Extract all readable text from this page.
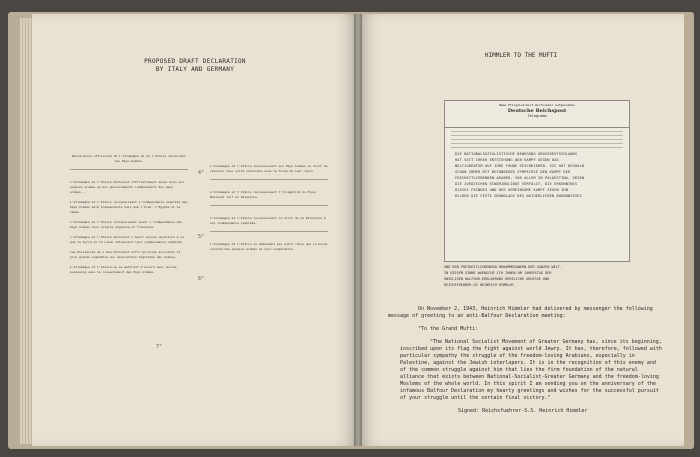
PROPOSED DRAFT DECLARATION
BY ITALY AND GERMANY

Déclaration officielle de l'Allemagne et de l'Italie concernant les Pays Arabes.

L'Allemagne et l'Italie déclarent officiellement aussi bien aux peuples arabes qu'aux gouvernements indépendants des pays arabes...

L'Allemagne et l'Italie reconnaissent l'indépendance complète des Pays Arabes déjà indépendants tels que l'Irak, l'Egypte et le Yémen.

L'Allemagne et l'Italie reconnaissent aussi l'indépendance des Pays Arabes sous tutelle anglaise et française.

L'Allemagne et l'Italie déclarent n'avoir aucune objection à ce que la Syrie et le Liban obtiennent leur indépendance complète.

Les Puissances de l'Axe déclarent enfin qu'elles accordent la plus grande sympathie aux aspirations légitimes des Arabes.

L'Allemagne et l'Italie ne se mettront d'accord avec aucune puissance sans le consentement des Pays Arabes.

4°
5°
6°
7°

L'Allemagne et l'Italie reconnaissent aux Pays Arabes le droit de réaliser leur unité nationale sous la forme de leur choix.

L'Allemagne et l'Italie reconnaissent l'illégalité du Foyer National Juif en Palestine.

L'Allemagne et l'Italie reconnaissent le droit de la Palestine à son indépendance complète.

L'Allemagne et l'Italie ne demandent pas autre chose que la bonne volonté des peuples arabes et leur coopération.

HIMMLER TO THE MUFTI
Name Pfingstvermerk Wortnummer aufgenommen
Deutsche Reichspost
Telegramm
DIE NATIONALSOZIALISTISCHE BEWEGUNG GROSSDEUTSCHLANDS
HAT SEIT IHRER ENTSTEHUNG DEN KAMPF GEGEN DAS
WELTJUDENTUM AUF IHRE FAHNE GESCHRIEBEN. SIE HAT DESHALB
SCHON IMMER MIT BESONDERER SYMPATHIE DEN KAMPF DER
FREIHEITLIEBENDEN ARABER, VOR ALLEM IN PALAESTINA, GEGEN
DIE JUEDISCHEN EINDRINGLINGE VERFOLGT. DIE ERKENNTNIS
DIESES FEINDES UND DER GEMEINSAME KAMPF GEGEN IHN
BILDEN DIE FESTE GRUNDLAGE DES NATUERLICHEN BUENDNISSES
UND DEN FREIHEITLIEBENDEN MOHAMMEDANERN DER GANZEN WELT.
IN DIESEM SINNE WUENSCHE ICH IHNEN AM JAHRESTAG DER
UNSELIGEN BALFOUR-ERKLAERUNG HERZLICHE GRUESSE UND
REICHSFUEHRER-SS HEINRICH HIMMLER

On November 2, 1943, Heinrich Himmler had delivered by messenger the following message of greeting to an anti-Balfour Declaration meeting:

"To the Grand Mufti:

"The National Socialist Movement of Greater Germany has, since its beginning, inscribed upon its flag the fight against world Jewry. It has, therefore, followed with particular sympathy the struggle of the freedom-loving Arabians, especially in Palestine, against the Jewish interlopers. It is in the recognition of this enemy and of the common struggle against him that lies the firm foundation of the natural alliance that exists between National-Socialist-Greater Germany and the freedom-loving Moslems of the whole world. In this spirit I am sending you on the anniversary of the infamous Balfour Declaration my hearty greetings and wishes for the successful pursuit of your struggle until the certain final victory."

Signed: Reichsfuehrer-S.S. Heinrich Himmler
